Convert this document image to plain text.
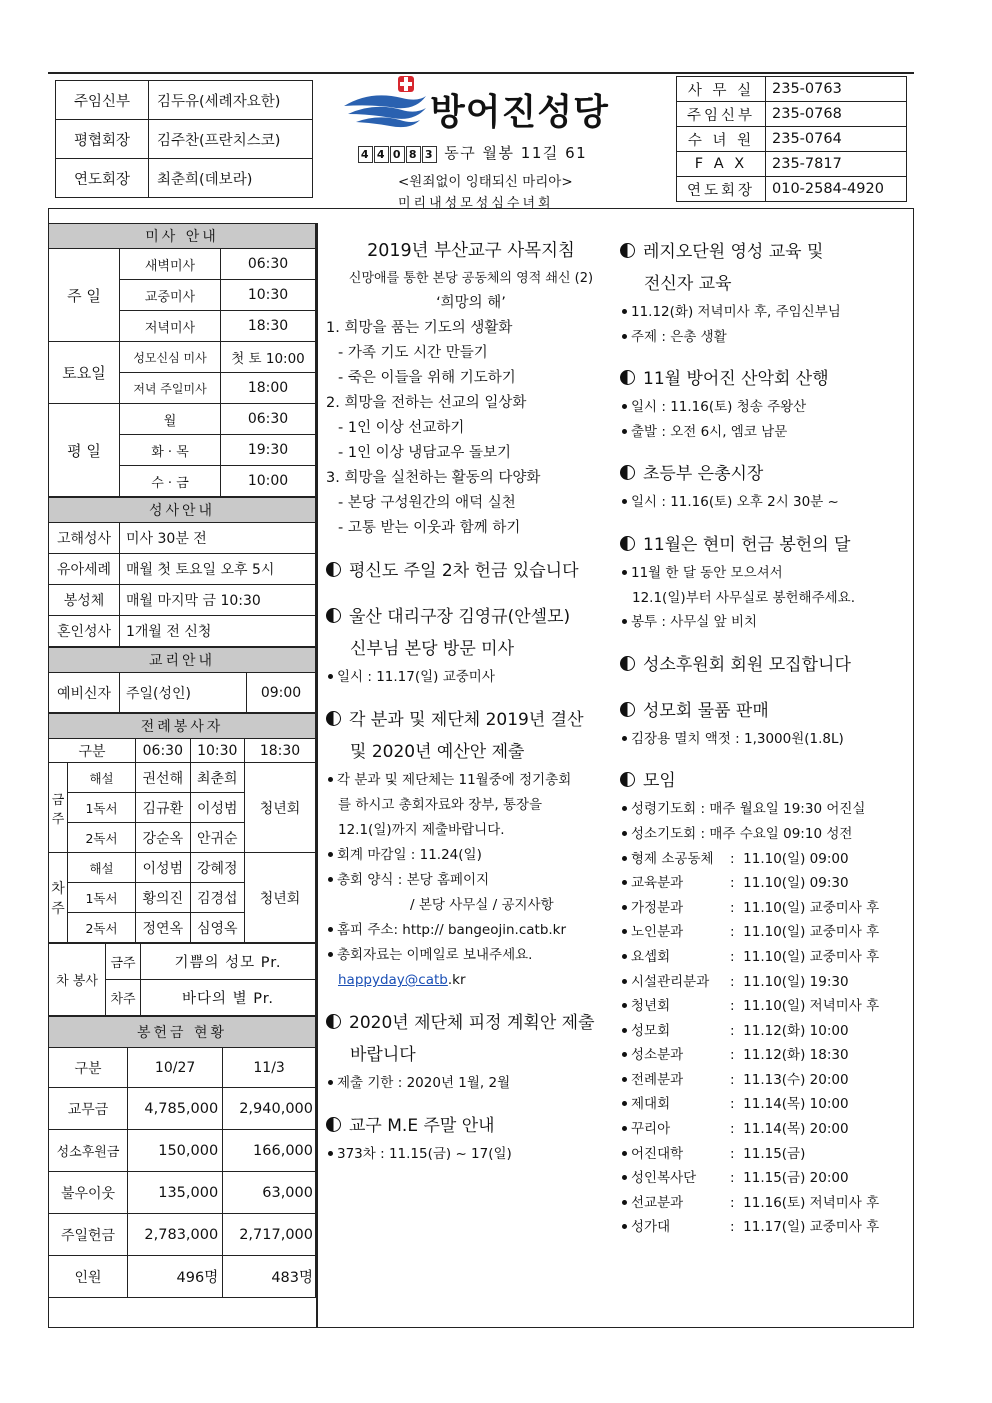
주임신부	김두유(세례자요한)
평협회장	김주찬(프란치스코)
연도회장	최춘희(데보라)
방어진성당
4 4 0 8 3 동구 월봉 11길 61
<원죄없이 잉태되신 마리아>
미리내성모성심수녀회
사 무 실	235-0763
주임신부	235-0768
수 녀 원	235-0764
F A X	235-7817
연도회장	010-2584-4920
미사 안내		
주 일	새벽미사	06:30
	교중미사	10:30
	저녁미사	18:30
토요일	성모신심 미사	첫 토 10:00
	저녁 주일미사	18:00
평 일	월	06:30
	화 · 목	19:30
	수 · 금	10:00
성사안내	
고해성사	미사 30분 전
유아세례	매월 첫 토요일 오후 5시
봉성체	매월 마지막 금 10:30
혼인성사	1개월 전 신청
교리안내
예비신자	주일(성인)	09:00
전례봉사자				
구분		06:30	10:30	18:30
금주	해설	권선해	최춘희	청년회
	1독서	김규환	이성범	
	2독서	강순옥	안귀순	
차주	해설	이성범	강혜정	청년회
	1독서	황의진	김경섭	
	2독서	정연옥	심영옥	
차 봉사	금주	기쁨의 성모 Pr.
	차주	바다의 별 Pr.
봉헌금 현황		
구분	10/27	11/3
교무금	4,785,000	2,940,000
성소후원금	150,000	166,000
불우이웃	135,000	63,000
주일헌금	2,783,000	2,717,000
인원	496명	483명
2019년 부산교구 사목지침
신망애를 통한 본당 공동체의 영적 쇄신 (2)
‘희망의 해’
1. 희망을 품는 기도의 생활화
- 가족 기도 시간 만들기
- 죽은 이들을 위해 기도하기
2. 희망을 전하는 선교의 일상화
- 1인 이상 선교하기
- 1인 이상 냉담교우 돌보기
3. 희망을 실천하는 활동의 다양화
- 본당 구성원간의 애덕 실천
- 고통 받는 이웃과 함께 하기
평신도 주일 2차 헌금 있습니다
울산 대리구장 김영규(안셀모)
신부님 본당 방문 미사
일시 : 11.17(일) 교중미사
각 분과 및 제단체 2019년 결산
및 2020년 예산안 제출
각 분과 및 제단체는 11월중에 정기총회
를 하시고 총회자료와 장부, 통장을
12.1(일)까지 제출바랍니다.
회계 마감일 : 11.24(일)
총회 양식 : 본당 홈페이지
/ 본당 사무실 / 공지사항
홈피 주소: http:// bangeojin.catb.kr
총회자료는 이메일로 보내주세요.
happyday@catb.kr
2020년 제단체 피정 계획안 제출
바랍니다
제출 기한 : 2020년 1월, 2월
교구 M.E 주말 안내
373차 : 11.15(금) ~ 17(일)
레지오단원 영성 교육 및
전신자 교육
11.12(화) 저녁미사 후, 주임신부님
주제 : 은총 생활
11월 방어진 산악회 산행
일시 : 11.16(토) 청송 주왕산
출발 : 오전 6시, 엠코 남문
초등부 은총시장
일시 : 11.16(토) 오후 2시 30분 ~
11월은 현미 헌금 봉헌의 달
11월 한 달 동안 모으셔서
12.1(일)부터 사무실로 봉헌해주세요.
봉투 : 사무실 앞 비치
성소후원회 회원 모집합니다
성모회 물품 판매
김장용 멸치 액젓 : 1,3000원(1.8L)
모임
성령기도회 : 매주 월요일 19:30 어진실
성소기도회 : 매주 수요일 09:10 성전
형제 소공동체	: 11.10(일) 09:00
교육분과	: 11.10(일) 09:30
가정분과	: 11.10(일) 교중미사 후
노인분과	: 11.10(일) 교중미사 후
요셉회	: 11.10(일) 교중미사 후
시설관리분과	: 11.10(일) 19:30
청년회	: 11.10(일) 저녁미사 후
성모회	: 11.12(화) 10:00
성소분과	: 11.12(화) 18:30
전례분과	: 11.13(수) 20:00
제대회	: 11.14(목) 10:00
꾸리아	: 11.14(목) 20:00
어진대학	: 11.15(금)
성인복사단	: 11.15(금) 20:00
선교분과	: 11.16(토) 저녁미사 후
성가대	: 11.17(일) 교중미사 후
